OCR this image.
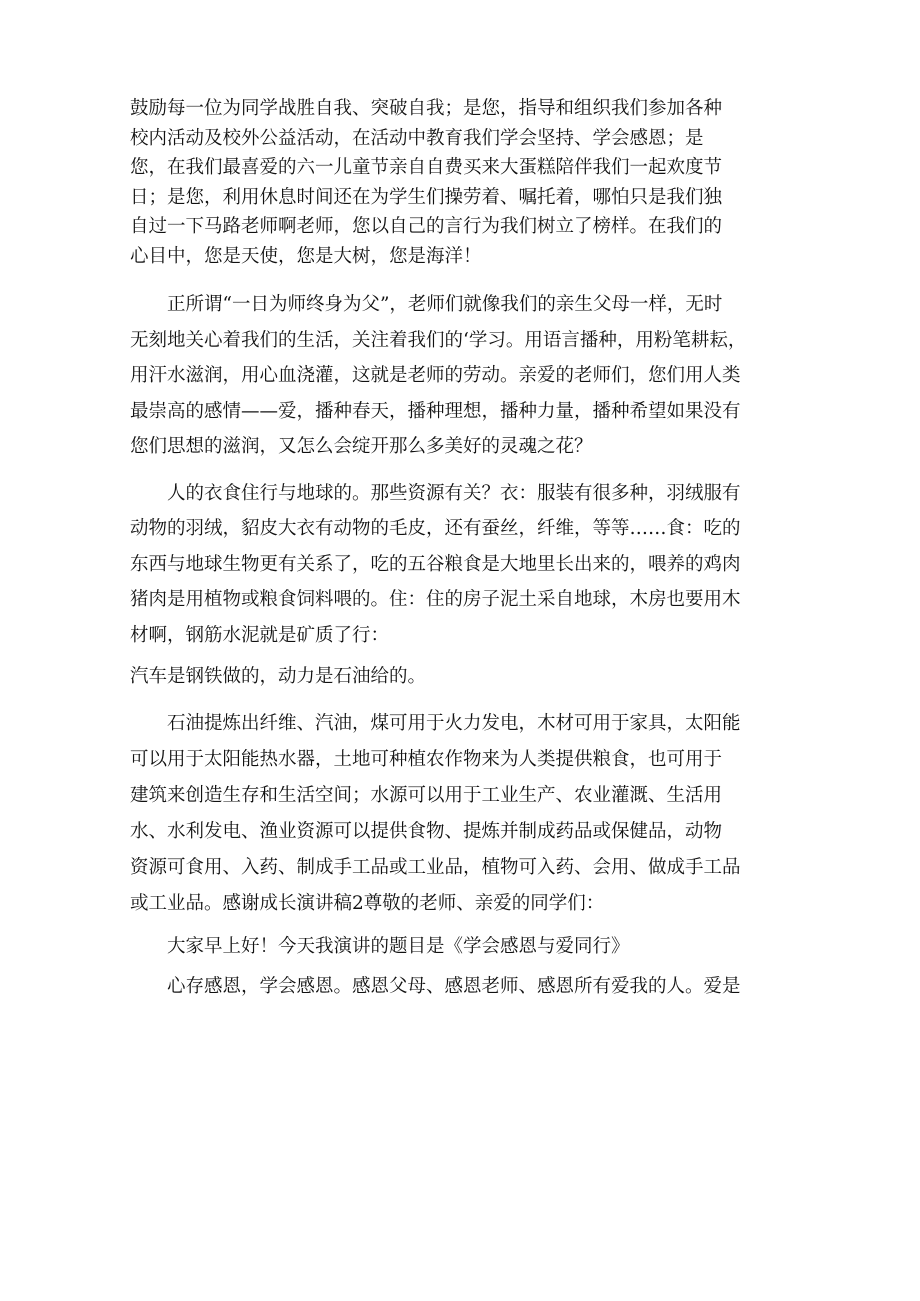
鼓励每一位为同学战胜自我、突破自我；是您，指导和组织我们参加各种
校内活动及校外公益活动，在活动中教育我们学会坚持、学会感恩；是
您，在我们最喜爱的六一儿童节亲自自费买来大蛋糕陪伴我们一起欢度节
日；是您，利用休息时间还在为学生们操劳着、嘱托着，哪怕只是我们独
自过一下马路老师啊老师，您以自己的言行为我们树立了榜样。在我们的
心目中，您是天使，您是大树，您是海洋！

　　正所谓“一日为师终身为父”，老师们就像我们的亲生父母一样，无时
无刻地关心着我们的生活，关注着我们的‘学习。用语言播种，用粉笔耕耘，
用汗水滋润，用心血浇灌，这就是老师的劳动。亲爱的老师们，您们用人类
最崇高的感情——爱，播种春天，播种理想，播种力量，播种希望如果没有
您们思想的滋润，又怎么会绽开那么多美好的灵魂之花？

　　人的衣食住行与地球的。那些资源有关？衣：服装有很多种，羽绒服有
动物的羽绒，貂皮大衣有动物的毛皮，还有蚕丝，纤维，等等……食：吃的
东西与地球生物更有关系了，吃的五谷粮食是大地里长出来的，喂养的鸡肉
猪肉是用植物或粮食饲料喂的。住：住的房子泥土采自地球，木房也要用木
材啊，钢筋水泥就是矿质了行：

汽车是钢铁做的，动力是石油给的。

　　石油提炼出纤维、汽油，煤可用于火力发电，木材可用于家具，太阳能
可以用于太阳能热水器，土地可种植农作物来为人类提供粮食，也可用于
建筑来创造生存和生活空间；水源可以用于工业生产、农业灌溉、生活用
水、水利发电、渔业资源可以提供食物、提炼并制成药品或保健品，动物
资源可食用、入药、制成手工品或工业品，植物可入药、会用、做成手工品
或工业品。感谢成长演讲稿2尊敬的老师、亲爱的同学们：

　　大家早上好！今天我演讲的题目是《学会感恩与爱同行》

　　心存感恩，学会感恩。感恩父母、感恩老师、感恩所有爱我的人。爱是
